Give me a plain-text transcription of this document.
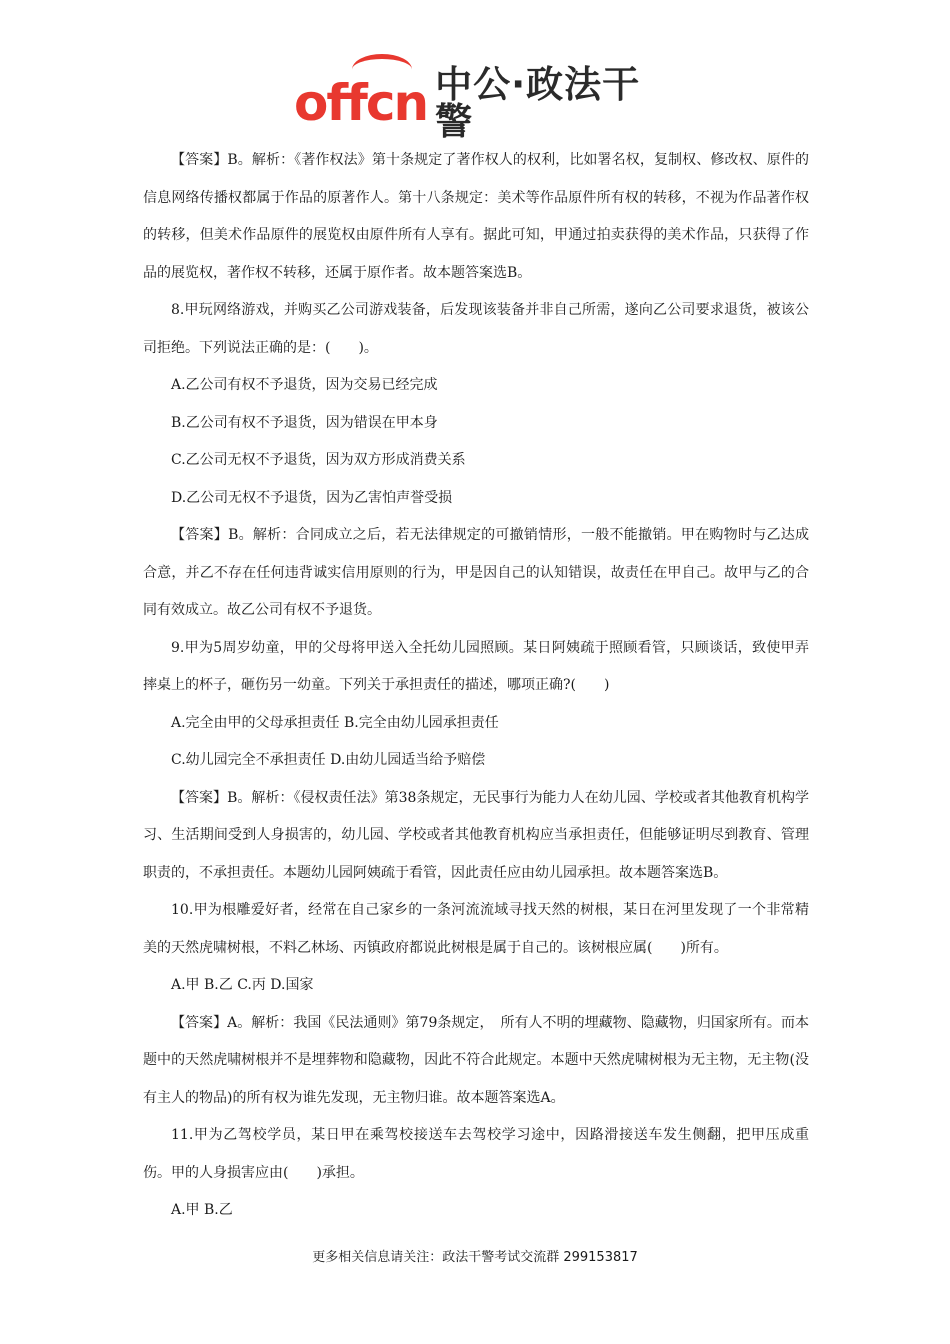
offcn 中公·政法干警

【答案】B。解析：《著作权法》第十条规定了著作权人的权利，比如署名权，复制权、修改权、原件的信息网络传播权都属于作品的原著作人。第十八条规定：美术等作品原件所有权的转移，不视为作品著作权的转移，但美术作品原件的展览权由原件所有人享有。据此可知，甲通过拍卖获得的美术作品，只获得了作品的展览权，著作权不转移，还属于原作者。故本题答案选B。

8.甲玩网络游戏，并购买乙公司游戏装备，后发现该装备并非自己所需，遂向乙公司要求退货，被该公司拒绝。下列说法正确的是：(　　)。

A.乙公司有权不予退货，因为交易已经完成

B.乙公司有权不予退货，因为错误在甲本身

C.乙公司无权不予退货，因为双方形成消费关系

D.乙公司无权不予退货，因为乙害怕声誉受损

【答案】B。解析：合同成立之后，若无法律规定的可撤销情形，一般不能撤销。甲在购物时与乙达成合意，并乙不存在任何违背诚实信用原则的行为，甲是因自己的认知错误，故责任在甲自己。故甲与乙的合同有效成立。故乙公司有权不予退货。

9.甲为5周岁幼童，甲的父母将甲送入全托幼儿园照顾。某日阿姨疏于照顾看管，只顾谈话，致使甲弄摔桌上的杯子，砸伤另一幼童。下列关于承担责任的描述，哪项正确?(　　)

A.完全由甲的父母承担责任 B.完全由幼儿园承担责任

C.幼儿园完全不承担责任 D.由幼儿园适当给予赔偿

【答案】B。解析：《侵权责任法》第38条规定，无民事行为能力人在幼儿园、学校或者其他教育机构学习、生活期间受到人身损害的，幼儿园、学校或者其他教育机构应当承担责任，但能够证明尽到教育、管理职责的，不承担责任。本题幼儿园阿姨疏于看管，因此责任应由幼儿园承担。故本题答案选B。

10.甲为根雕爱好者，经常在自己家乡的一条河流流域寻找天然的树根，某日在河里发现了一个非常精美的天然虎啸树根，不料乙林场、丙镇政府都说此树根是属于自己的。该树根应属(　　)所有。

A.甲 B.乙 C.丙 D.国家

【答案】A。解析：我国《民法通则》第79条规定，　所有人不明的埋藏物、隐藏物，归国家所有。而本题中的天然虎啸树根并不是埋葬物和隐藏物，因此不符合此规定。本题中天然虎啸树根为无主物，无主物(没有主人的物品)的所有权为谁先发现，无主物归谁。故本题答案选A。

11.甲为乙驾校学员，某日甲在乘驾校接送车去驾校学习途中，因路滑接送车发生侧翻，把甲压成重伤。甲的人身损害应由(　　)承担。

A.甲 B.乙

更多相关信息请关注：政法干警考试交流群 299153817
